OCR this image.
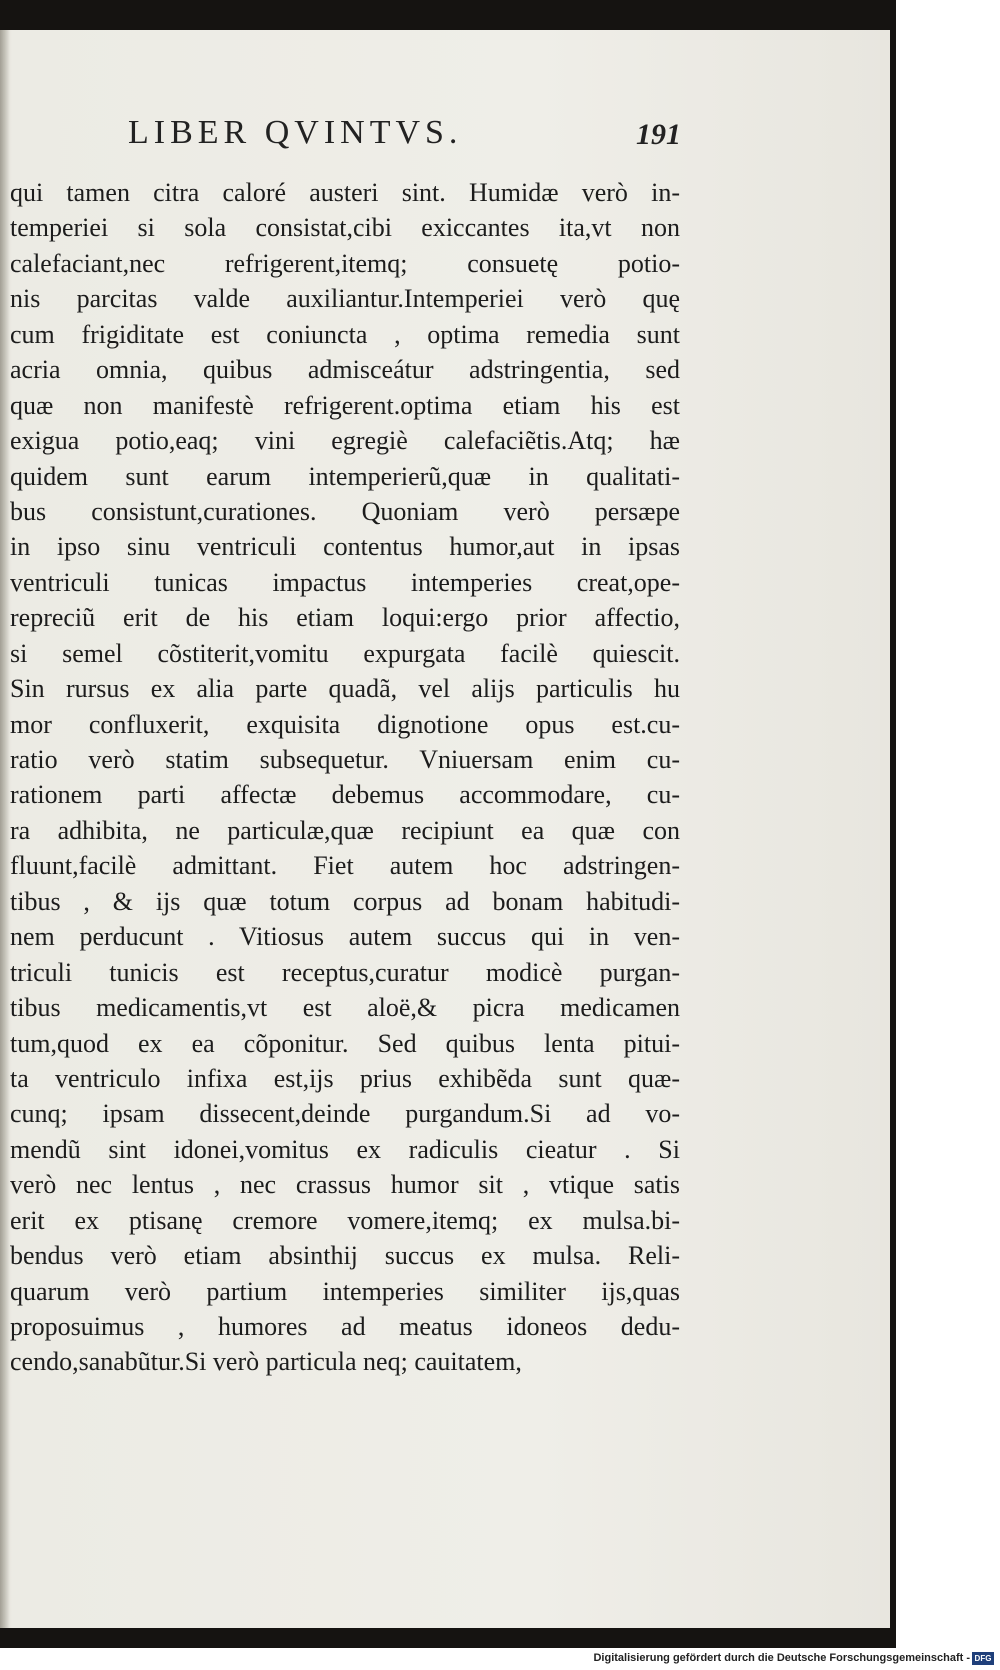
LIBER QVINTVS.	191
qui tamen citra caloré austeri sint. Humidæ verò in-
temperiei si sola consistat,cibi exiccantes ita,vt non
calefaciant,nec refrigerent,itemq; consuetę potio-
nis parcitas valde auxiliantur.Intemperiei verò quę
cum frigiditate est coniuncta , optima remedia sunt
acria omnia, quibus admisceátur adstringentia, sed
quæ non manifestè refrigerent.optima etiam his est
exigua potio,eaq; vini egregiè calefaciẽtis.Atq; hæ
quidem sunt earum intemperierũ,quæ in qualitati-
bus consistunt,curationes. Quoniam verò persæpe
in ipso sinu ventriculi contentus humor,aut in ipsas
ventriculi tunicas impactus intemperies creat,ope-
repreciũ erit de his etiam loqui:ergo prior affectio,
si semel cõstiterit,vomitu expurgata facilè quiescit.
Sin rursus ex alia parte quadã, vel alijs particulis hu
mor confluxerit, exquisita dignotione opus est.cu-
ratio verò statim subsequetur. Vniuersam enim cu-
rationem parti affectæ debemus accommodare, cu-
ra adhibita, ne particulæ,quæ recipiunt ea quæ con
fluunt,facilè admittant. Fiet autem hoc adstringen-
tibus , & ijs quæ totum corpus ad bonam habitudi-
nem perducunt . Vitiosus autem succus qui in ven-
triculi tunicis est receptus,curatur modicè purgan-
tibus medicamentis,vt est aloë,& picra medicamen
tum,quod ex ea cõponitur. Sed quibus lenta pitui-
ta ventriculo infixa est,ijs prius exhibẽda sunt quæ-
cunq; ipsam dissecent,deinde purgandum.Si ad vo-
mendũ sint idonei,vomitus ex radiculis cieatur . Si
verò nec lentus , nec crassus humor sit , vtique satis
erit ex ptisanę cremore vomere,itemq; ex mulsa.bi-
bendus verò etiam absinthij succus ex mulsa. Reli-
quarum verò partium intemperies similiter ijs,quas
proposuimus , humores ad meatus idoneos dedu-
cendo,sanabũtur.Si verò particula neq; cauitatem,
Digitalisierung gefördert durch die Deutsche Forschungsgemeinschaft - DFG
